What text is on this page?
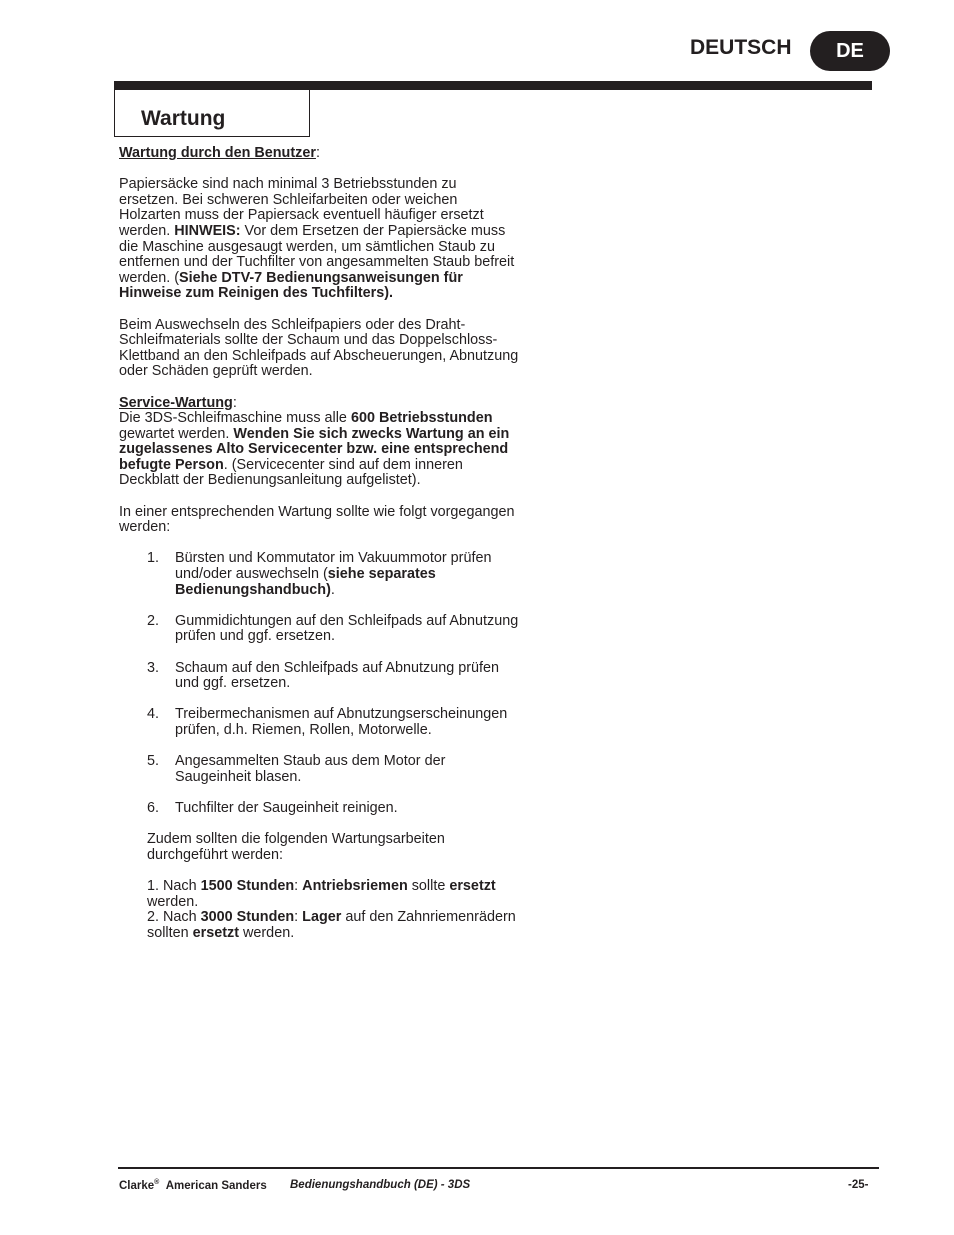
DEUTSCH	DE
Wartung

Wartung durch den Benutzer:

Papiersäcke sind nach minimal 3 Betriebsstunden zu ersetzen. Bei schweren Schleifarbeiten oder weichen Holzarten muss der Papiersack eventuell häufiger ersetzt werden. HINWEIS: Vor dem Ersetzen der Papiersäcke muss die Maschine ausgesaugt werden, um sämtlichen Staub zu entfernen und der Tuchfilter von angesammelten Staub befreit werden. (Siehe DTV-7 Bedienungsanweisungen für Hinweise zum Reinigen des Tuchfilters).

Beim Auswechseln des Schleifpapiers oder des Draht-Schleifmaterials sollte der Schaum und das Doppelschloss-Klettband an den Schleifpads auf Abscheuerungen, Abnutzung oder Schäden geprüft werden.

Service-Wartung:
Die 3DS-Schleifmaschine muss alle 600 Betriebsstunden gewartet werden. Wenden Sie sich zwecks Wartung an ein zugelassenes Alto Servicecenter bzw. eine entsprechend befugte Person. (Servicecenter sind auf dem inneren Deckblatt der Bedienungsanleitung aufgelistet).

In einer entsprechenden Wartung sollte wie folgt vorgegangen werden:

1. Bürsten und Kommutator im Vakuummotor prüfen und/oder auswechseln (siehe separates Bedienungshandbuch).
2. Gummidichtungen auf den Schleifpads auf Abnutzung prüfen und ggf. ersetzen.
3. Schaum auf den Schleifpads auf Abnutzung prüfen und ggf. ersetzen.
4. Treibermechanismen auf Abnutzungserscheinungen prüfen, d.h. Riemen, Rollen, Motorwelle.
5. Angesammelten Staub aus dem Motor der Saugeinheit blasen.
6. Tuchfilter der Saugeinheit reinigen.

Zudem sollten die folgenden Wartungsarbeiten durchgeführt werden:

1. Nach 1500 Stunden: Antriebsriemen sollte ersetzt werden.
2. Nach 3000 Stunden: Lager auf den Zahnriemenrädern sollten ersetzt werden.

Clarke® American Sanders Bedienungshandbuch (DE) - 3DS	-25-
